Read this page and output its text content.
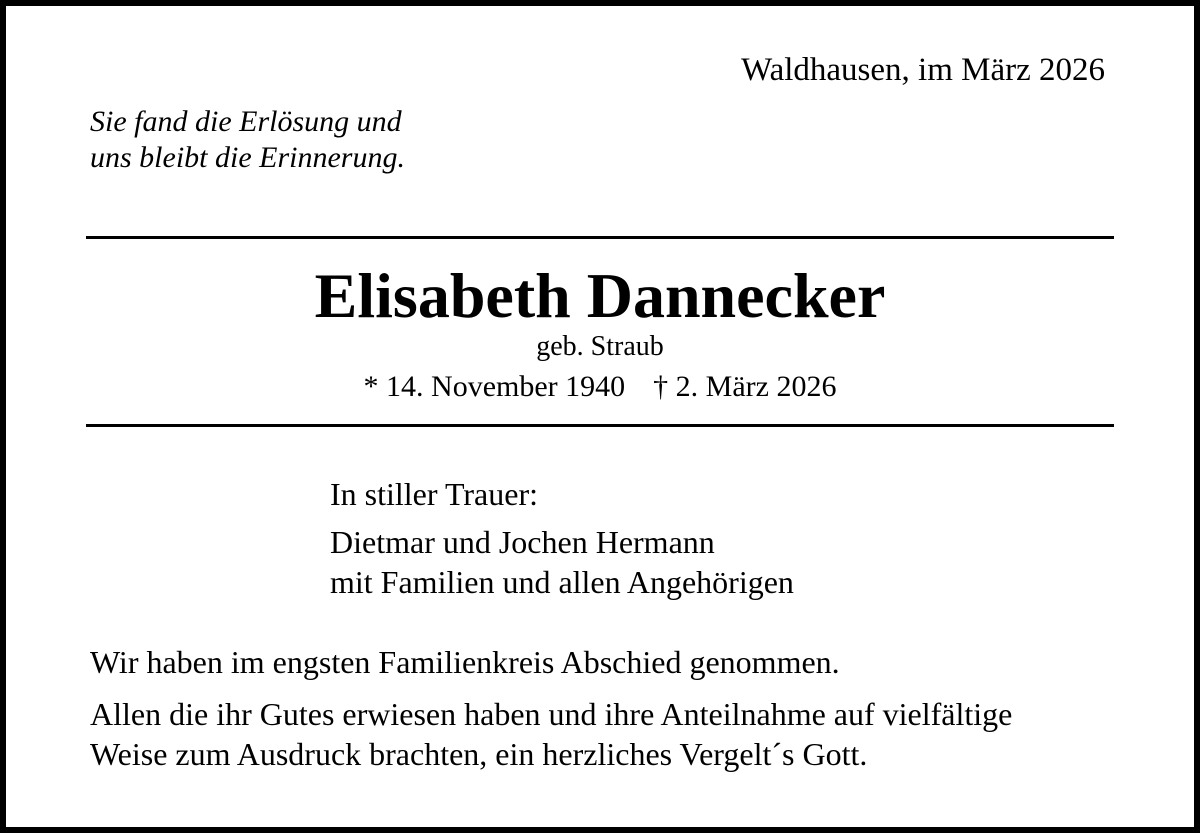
Waldhausen, im März 2026
Sie fand die Erlösung und
uns bleibt die Erinnerung.
Elisabeth Dannecker
geb. Straub
* 14. November 1940 † 2. März 2026
In stiller Trauer:
Dietmar und Jochen Hermann
mit Familien und allen Angehörigen
Wir haben im engsten Familienkreis Abschied genommen.
Allen die ihr Gutes erwiesen haben und ihre Anteilnahme auf vielfältige
Weise zum Ausdruck brachten, ein herzliches Vergelt´s Gott.
